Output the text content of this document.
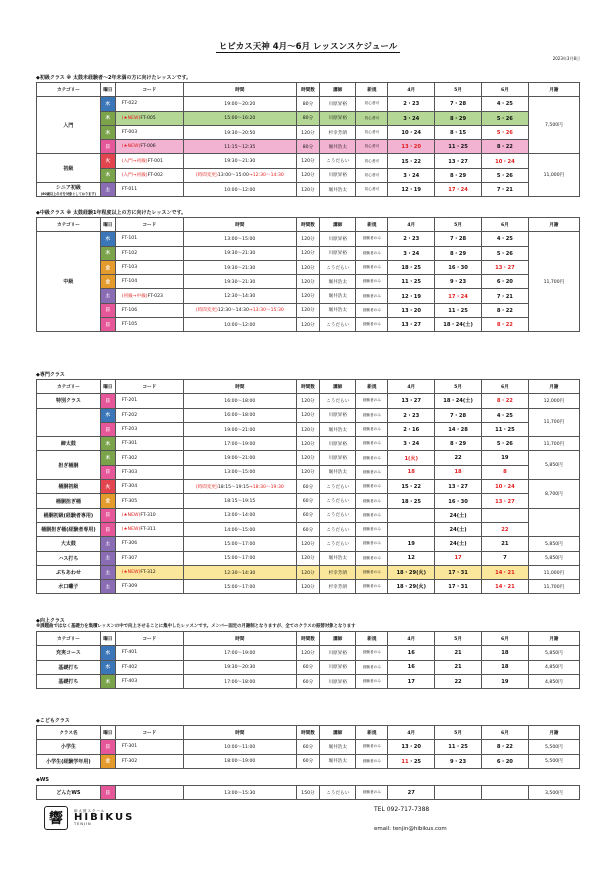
ヒビカス天神 4月～6月 レッスンスケジュール
2023年3月8日
◆初級クラス ※ 太鼓未経験者～2年未満の方に向けたレッスンです。
カテゴリー	曜日	コード	時間	時間数	講師	新規	4月	5月	6月	月謝
入門	水	FT-022	19:00～20:20	80分	川原昇裕	初心者可	2・23	7・28	4・25	7,500円
	木	(★NEW)FT-005	15:00～16:20	80分	川原昇裕	初心者可	3・24	8・29	5・26	
	木	FT-003	19:30～20:50	120分	杉幸芳朗	初心者可	10・24	8・15	5・26	
	日	(★NEW)FT-006	11:15～12:35	80分	堀井浩太	初心者可	13・20	11・25	8・22	
初級	火	(入門→初級)FT-001	19:30～21:30	120分	こうだらい	初心者可	15・22	13・27	10・24	11,000円
	木	(入門→初級)FT-002	(時間変更)13:00～15:00→12:30～14:30	120分	川原昇裕	初心者可	3・24	8・29	5・26	

シニア初級
(60歳以上の方を対象としております)	土	FT-011	10:00～12:00	120分	堀井浩太	初心者可	12・19	17・24	7・21	
◆中級クラス ※ 太鼓経験1年程度以上の方に向けたレッスンです。
カテゴリー	曜日	コード	時間	時間数	講師	新規	4月	5月	6月	月謝
中級	水	FT-101	13:00～15:00	120分	川原昇裕	経験者のみ	2・23	7・28	4・25	11,700円
	木	FT-102	19:30～21:30	120分	川原昇裕	経験者のみ	3・24	8・29	5・26	
	金	FT-103	19:30～21:30	120分	こうだらい	経験者のみ	18・25	16・30	13・27	
	金	FT-104	19:30～21:30	120分	堀井浩太	経験者のみ	11・25	9・23	6・20	
	土	(初級→中級)FT-023	12:30～14:30	120分	堀井浩太	経験者のみ	12・19	17・24	7・21	
	日	FT-106	(時間変更)12:30～14:30→13:30～15:30	120分	堀井浩太	経験者のみ	13・20	11・25	8・22	
	日	FT-105	10:00～12:00	120分	こうだらい	経験者のみ	13・27	18・24(土)	8・22	
◆専門クラス
カテゴリー	曜日	コード	時間	時間数	講師	新規	4月	5月	6月	月謝
特別クラス	日	FT-201	16:00～18:00	120分	こうだらい	経験者のみ	13・27	18・24(土)	8・22	12,000円
	水	FT-202	16:00～18:00	120分	川原昇裕	経験者のみ	2・23	7・28	4・25	11,700円
	日	FT-203	19:00～21:00	120分	堀井浩太	経験者のみ	2・16	14・28	11・25	
締太鼓	木	FT-301	17:00～19:00	120分	川原昇裕	経験者のみ	3・24	8・29	5・26	11,700円
担ぎ桶胴	木	FT-302	19:00～21:00	120分	川原昇裕	経験者のみ	1(火)	22	19	5,850円
	日	FT-303	13:00～15:00	120分	堀井浩太	経験者のみ	18	18	8	
桶胴初級	火	FT-304	(時間変更)18:15～19:15→18:30～19:30	60分	こうだらい	経験者のみ	15・22	13・27	10・24	8,700円
桶胴担ぎ桶	金	FT-305	18:15～19:15	60分	こうだらい	経験者のみ	18・25	16・30	13・27	
桶胴初級(経験者専用)	日	(★NEW)FT-310	13:00～14:00	60分	こうだらい	経験者のみ		24(土)		
桶胴担ぎ桶(経験者専用)	日	(★NEW)FT-311	14:00～15:00	60分	こうだらい	経験者のみ		24(土)	22	
大太鼓	土	FT-306	15:00～17:00	120分	こうだらい	経験者のみ	19	24(土)	21	5,850円
ハス打ち	土	FT-307	15:00～17:00	120分	堀井浩太	経験者のみ	12	17	7	5,850円
ぷちあわせ	土	(★NEW)FT-312	12:30～14:30	120分	杉幸芳朗	経験者のみ	18・29(火)	17・31	14・21	11,000円
水口囃子	土	FT-309	15:00～17:00	120分	杉幸芳朗	経験者のみ	18・29(火)	17・31	14・21	11,700円
◆向上クラス
※課題曲ではなく基礎力を集積レッスンの中で向上させることに集中したレッスンです。メンバー固定の月謝制となりますが、全てのクラスの振替対象となります
カテゴリー	曜日	コード	時間	時間数	講師	新規	4月	5月	6月	月謝
充実コース	水	FT-401	17:00～19:00	120分	川原昇裕	経験者のみ	16	21	18	5,850円
基礎打ち	水	FT-402	19:30～20:30	60分	川原昇裕	経験者のみ	16	21	18	4,850円
基礎打ち	木	FT-403	17:00～18:00	60分	川原昇裕	経験者のみ	17	22	19	4,850円
◆こどもクラス
クラス名	曜日	コード	時間	時間数	講師	新規	4月	5月	6月	月謝
小学生	日	FT-301	10:00～11:00	60分	堀井浩太	経験者のみ	13・20	11・25	8・22	5,500円
小学生(経験学年用)	金	FT-302	18:00～19:00	60分	堀井浩太	経験者のみ	11・25	9・23	6・20	5,500円
◆WS
どんたWS	日		13:00～15:30	150分	こうだらい	経験者のみ	27			3,500円
TEL 092-717-7388
email: tenjin@hibikus.com
響
和太鼓スクール
HIBIKUS
TENJIN
